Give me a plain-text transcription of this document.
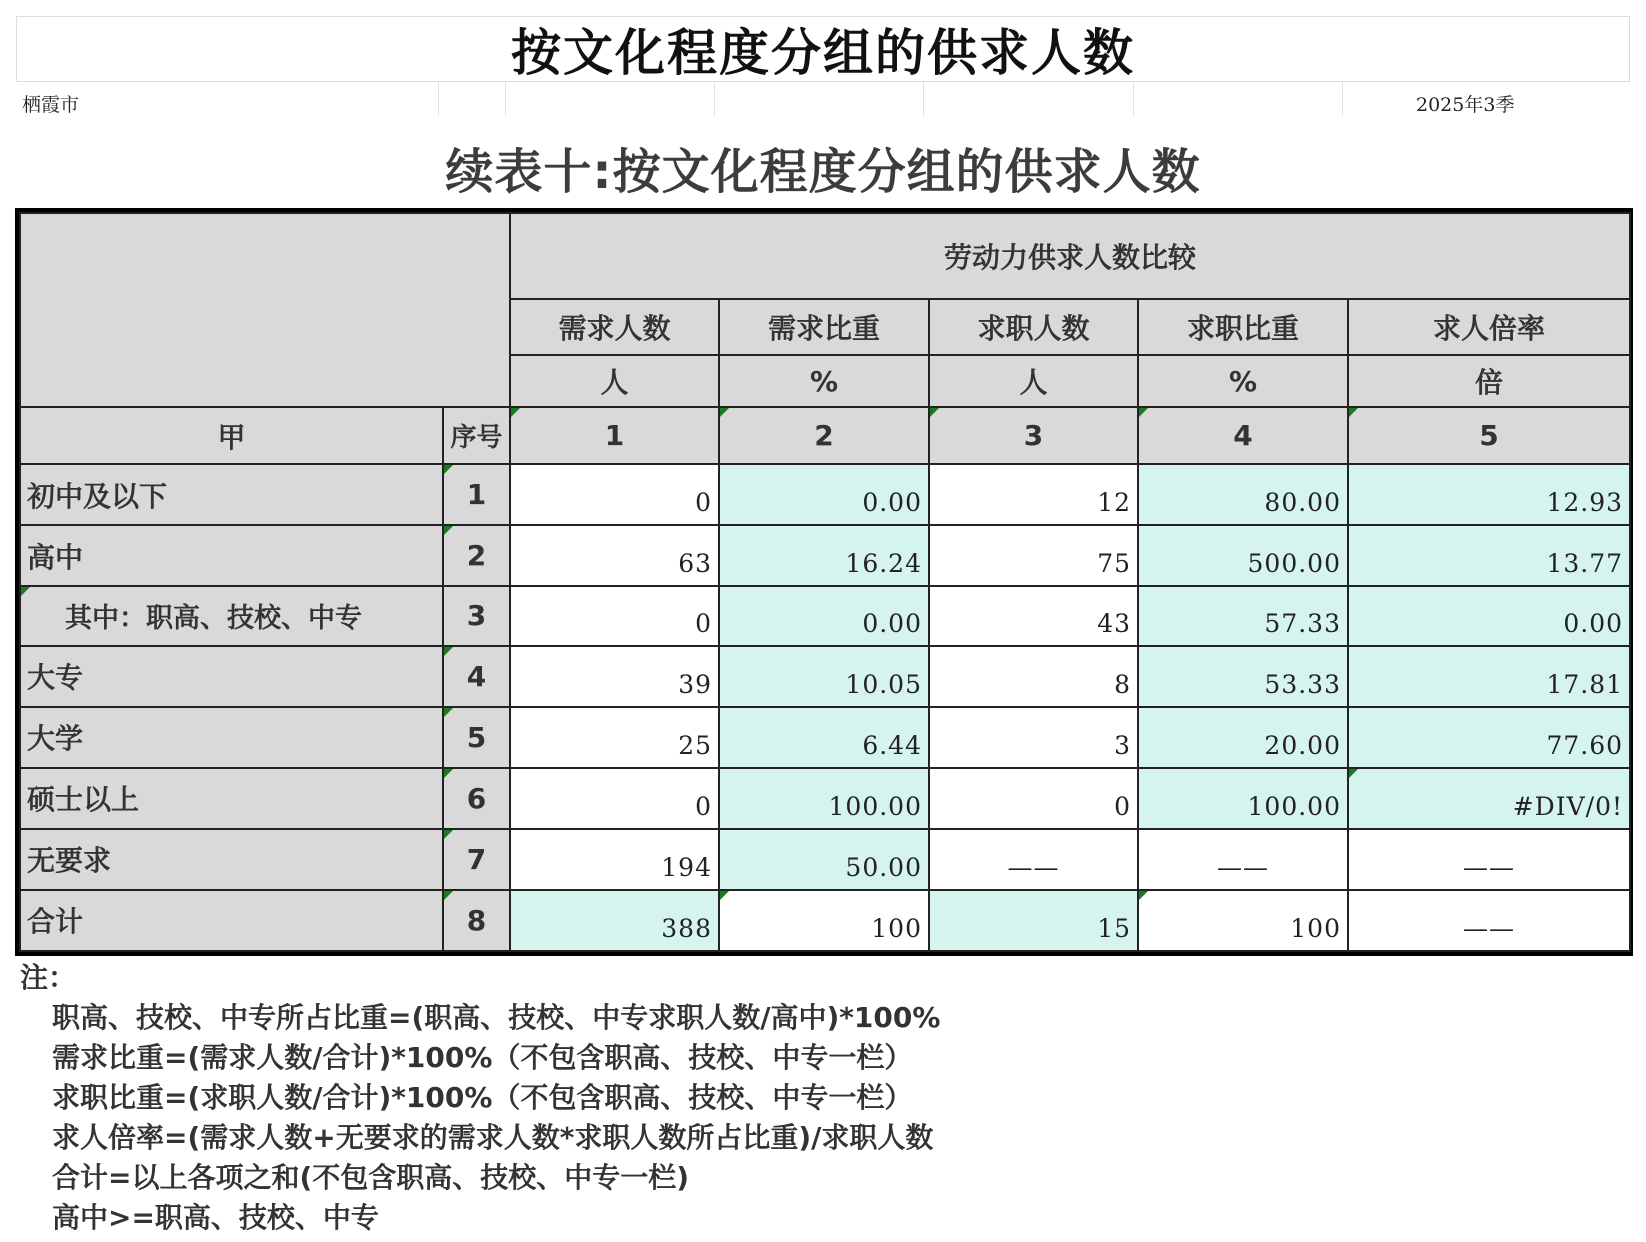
按文化程度分组的供求人数
栖霞市	2025年3季
续表十:按文化程度分组的供求人数
		劳动力供求人数比较				
		需求人数	需求比重	求职人数	求职比重	求人倍率
		人	%	人	%	倍
甲	序号	1	2	3	4	5
初中及以下	1	0	0.00	12	80.00	12.93
高中	2	63	16.24	75	500.00	13.77
其中：职高、技校、中专	3	0	0.00	43	57.33	0.00
大专	4	39	10.05	8	53.33	17.81
大学	5	25	6.44	3	20.00	77.60
硕士以上	6	0	100.00	0	100.00	#DIV/0!
无要求	7	194	50.00	——	——	——
合计	8	388	100	15	100	——
注：
职高、技校、中专所占比重=(职高、技校、中专求职人数/高中)*100%
需求比重=(需求人数/合计)*100%（不包含职高、技校、中专一栏）
求职比重=(求职人数/合计)*100%（不包含职高、技校、中专一栏）
求人倍率=(需求人数+无要求的需求人数*求职人数所占比重)/求职人数
合计=以上各项之和(不包含职高、技校、中专一栏)
高中>=职高、技校、中专
